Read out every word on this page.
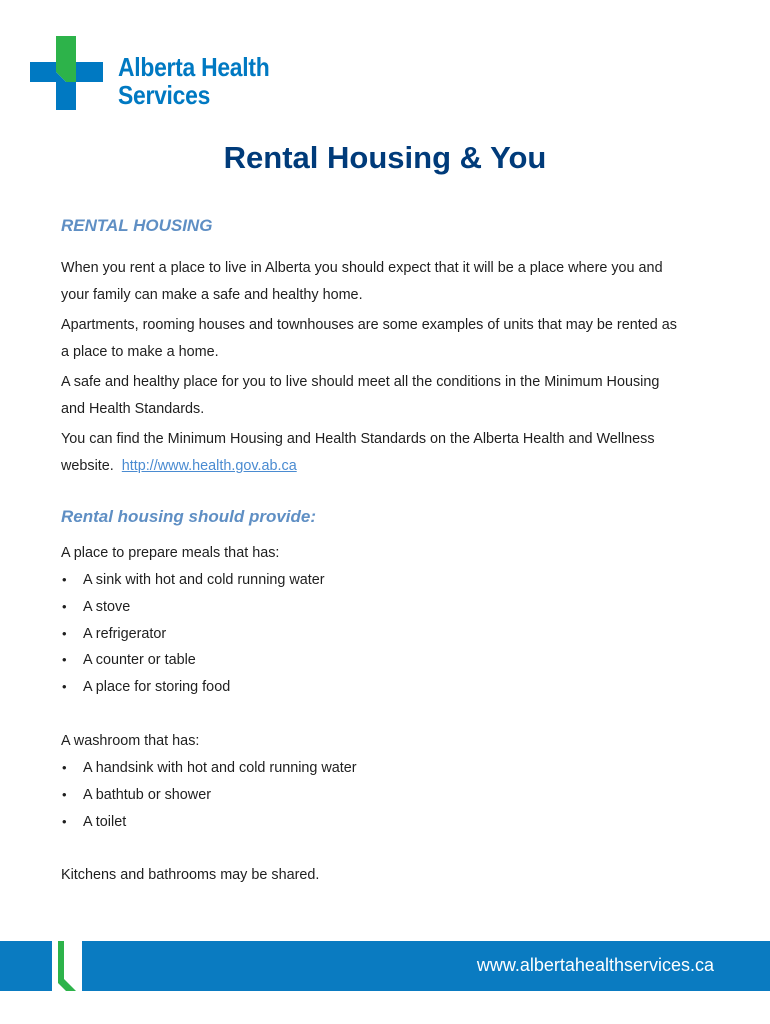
Alberta Health
Services
Rental Housing & You
RENTAL HOUSING
When you rent a place to live in Alberta you should expect that it will be a place where you and
your family can make a safe and healthy home.
Apartments, rooming houses and townhouses are some examples of units that may be rented as
a place to make a home.
A safe and healthy place for you to live should meet all the conditions in the Minimum Housing
and Health Standards.
You can find the Minimum Housing and Health Standards on the Alberta Health and Wellness
website. http://www.health.gov.ab.ca
Rental housing should provide:
A place to prepare meals that has:
• A sink with hot and cold running water
• A stove
• A refrigerator
• A counter or table
• A place for storing food
A washroom that has:
• A handsink with hot and cold running water
• A bathtub or shower
• A toilet
Kitchens and bathrooms may be shared.
www.albertahealthservices.ca
